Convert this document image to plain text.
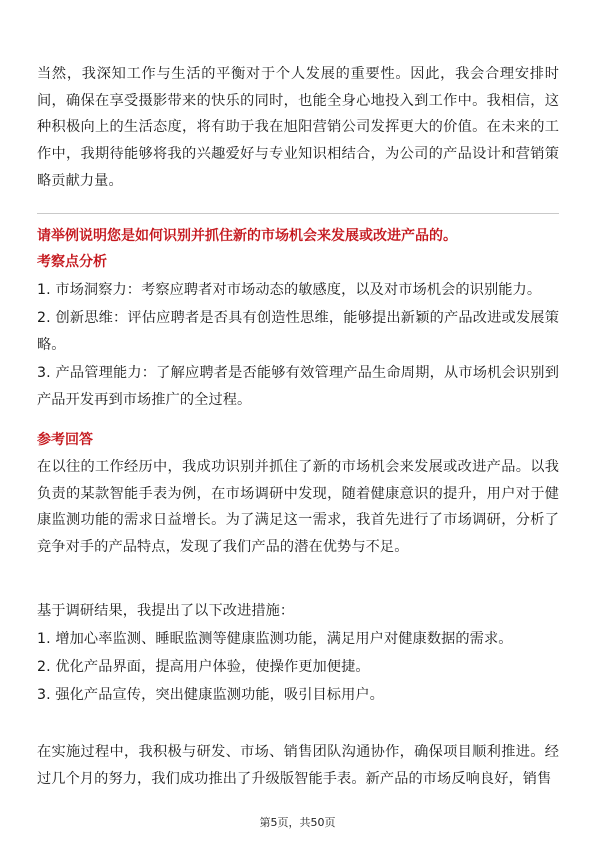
当然，我深知工作与生活的平衡对于个人发展的重要性。因此，我会合理安排时间，确保在享受摄影带来的快乐的同时，也能全身心地投入到工作中。我相信，这种积极向上的生活态度，将有助于我在旭阳营销公司发挥更大的价值。在未来的工作中，我期待能够将我的兴趣爱好与专业知识相结合，为公司的产品设计和营销策略贡献力量。

请举例说明您是如何识别并抓住新的市场机会来发展或改进产品的。
考察点分析

1. 市场洞察力：考察应聘者对市场动态的敏感度，以及对市场机会的识别能力。

2. 创新思维：评估应聘者是否具有创造性思维，能够提出新颖的产品改进或发展策略。

3. 产品管理能力：了解应聘者是否能够有效管理产品生命周期，从市场机会识别到产品开发再到市场推广的全过程。

参考回答

在以往的工作经历中，我成功识别并抓住了新的市场机会来发展或改进产品。以我负责的某款智能手表为例，在市场调研中发现，随着健康意识的提升，用户对于健康监测功能的需求日益增长。为了满足这一需求，我首先进行了市场调研，分析了竞争对手的产品特点，发现了我们产品的潜在优势与不足。

基于调研结果，我提出了以下改进措施：

1. 增加心率监测、睡眠监测等健康监测功能，满足用户对健康数据的需求。

2. 优化产品界面，提高用户体验，使操作更加便捷。

3. 强化产品宣传，突出健康监测功能，吸引目标用户。

在实施过程中，我积极与研发、市场、销售团队沟通协作，确保项目顺利推进。经过几个月的努力，我们成功推出了升级版智能手表。新产品的市场反响良好，销售

第5页，共50页
